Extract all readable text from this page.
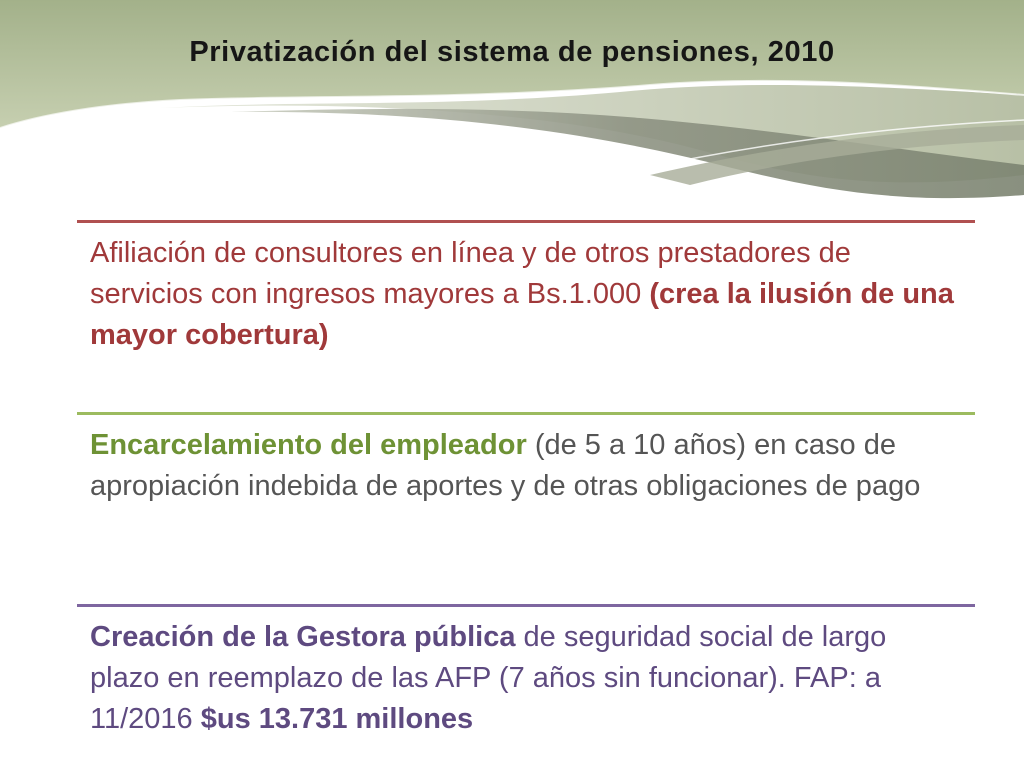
Privatización del sistema de pensiones, 2010

Afiliación de consultores en línea y de otros prestadores de servicios con ingresos mayores a Bs.1.000 (crea la ilusión de una mayor cobertura)

Encarcelamiento del empleador (de 5 a 10 años) en caso de apropiación indebida de aportes y de otras obligaciones de pago

Creación de la Gestora pública de seguridad social de largo plazo en reemplazo de las AFP (7 años sin funcionar). FAP: a 11/2016 $us 13.731 millones
